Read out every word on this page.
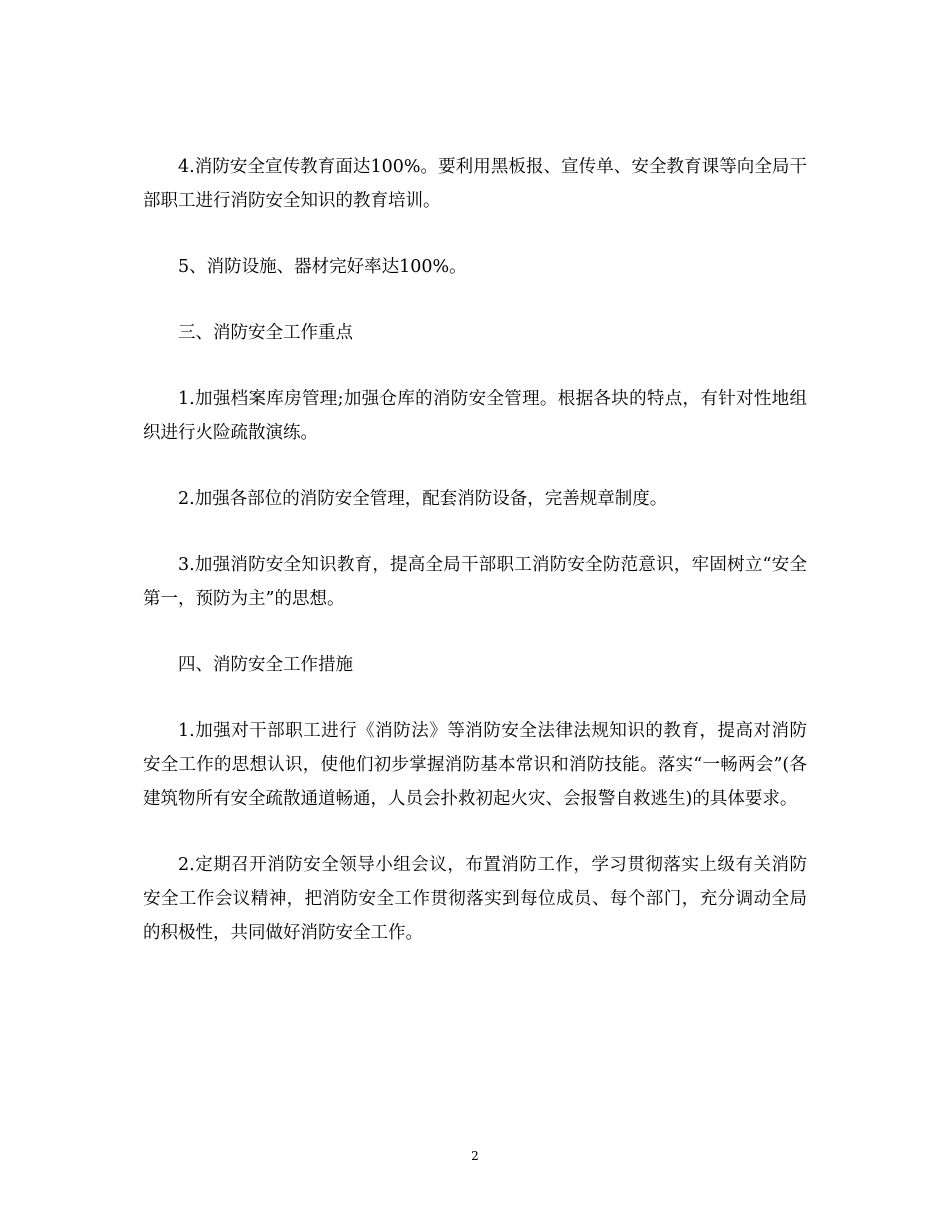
4.消防安全宣传教育面达100%。要利用黑板报、宣传单、安全教育课等向全局干部职工进行消防安全知识的教育培训。

5、消防设施、器材完好率达100%。

三、消防安全工作重点

1.加强档案库房管理;加强仓库的消防安全管理。根据各块的特点，有针对性地组织进行火险疏散演练。

2.加强各部位的消防安全管理，配套消防设备，完善规章制度。

3.加强消防安全知识教育，提高全局干部职工消防安全防范意识，牢固树立“安全第一，预防为主”的思想。

四、消防安全工作措施

1.加强对干部职工进行《消防法》等消防安全法律法规知识的教育，提高对消防安全工作的思想认识，使他们初步掌握消防基本常识和消防技能。落实“一畅两会”(各建筑物所有安全疏散通道畅通，人员会扑救初起火灾、会报警自救逃生)的具体要求。

2.定期召开消防安全领导小组会议，布置消防工作，学习贯彻落实上级有关消防安全工作会议精神，把消防安全工作贯彻落实到每位成员、每个部门，充分调动全局的积极性，共同做好消防安全工作。

2
